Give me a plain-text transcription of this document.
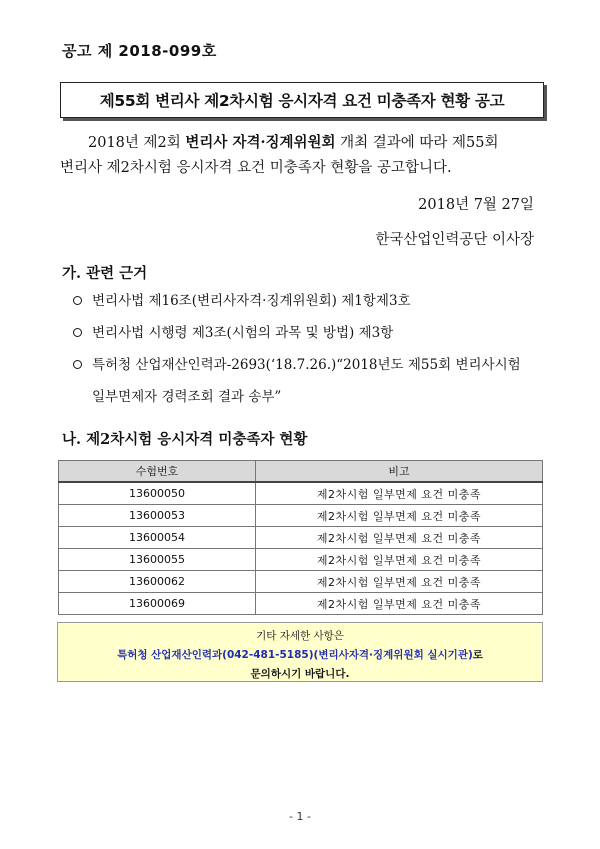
공고 제 2018-099호
제55회 변리사 제2차시험 응시자격 요건 미충족자 현황 공고
2018년 제2회 변리사 자격·징계위원회 개최 결과에 따라 제55회
변리사 제2차시험 응시자격 요건 미충족자 현황을 공고합니다.
2018년 7월 27일
한국산업인력공단 이사장
가. 관련 근거
변리사법 제16조(변리사자격·징계위원회) 제1항제3호
변리사법 시행령 제3조(시험의 과목 및 방법) 제3항
특허청 산업재산인력과-2693(‘18.7.26.)“2018년도 제55회 변리사시험
일부면제자 경력조회 결과 송부”
나. 제2차시험 응시자격 미충족자 현황
수험번호	비고
13600050	제2차시험 일부면제 요건 미충족
13600053	제2차시험 일부면제 요건 미충족
13600054	제2차시험 일부면제 요건 미충족
13600055	제2차시험 일부면제 요건 미충족
13600062	제2차시험 일부면제 요건 미충족
13600069	제2차시험 일부면제 요건 미충족
기타 자세한 사항은
특허청 산업재산인력과(042-481-5185)(변리사자격·징계위원회 실시기관)로
문의하시기 바랍니다.
- 1 -
